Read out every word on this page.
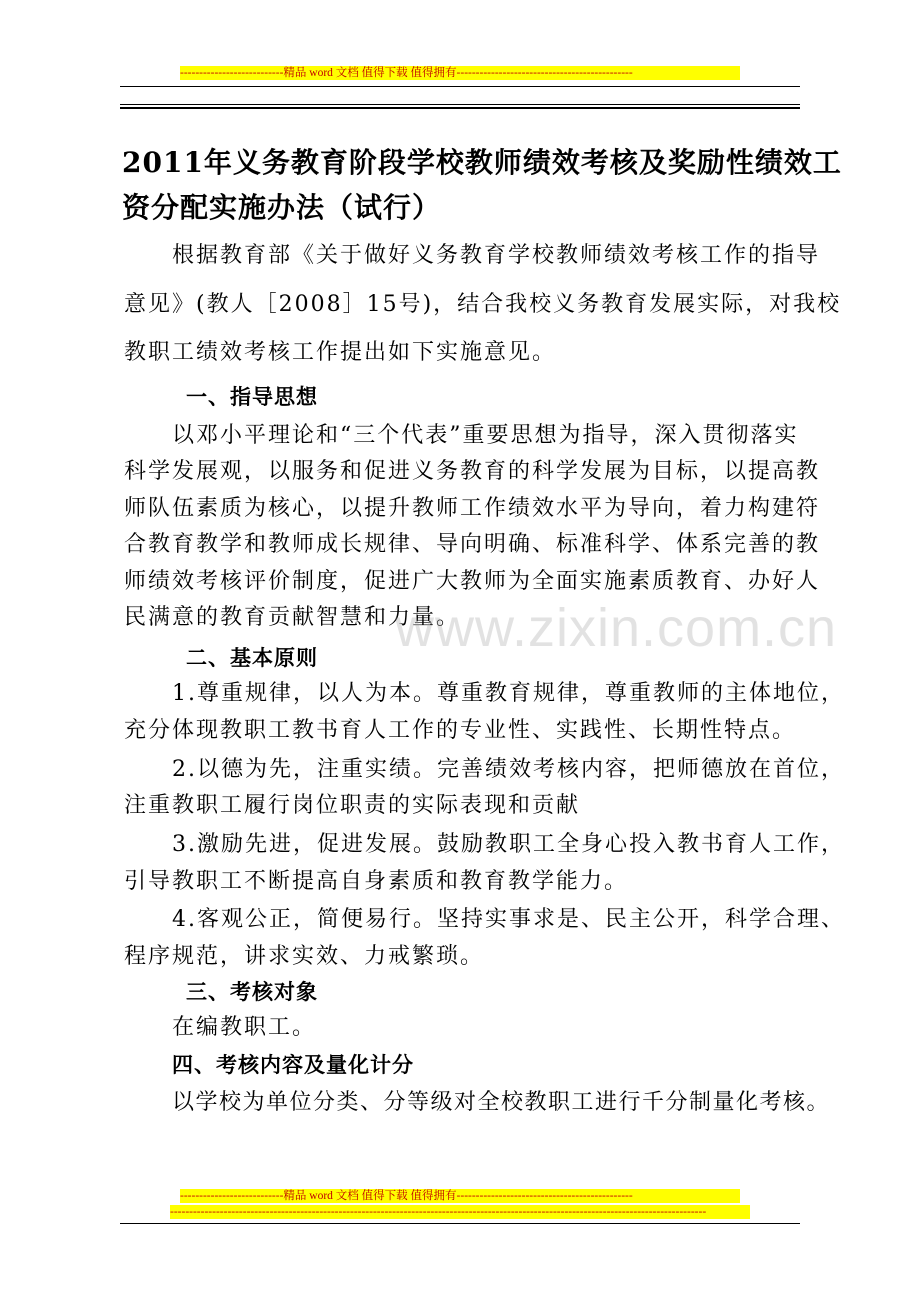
---------------------------精品 word 文档 值得下载 值得拥有----------------------------------------------
2011年义务教育阶段学校教师绩效考核及奖励性绩效工
资分配实施办法（试行）
根据教育部《关于做好义务教育学校教师绩效考核工作的指导
意见》(教人［2008］15号)，结合我校义务教育发展实际，对我校
教职工绩效考核工作提出如下实施意见。
一、指导思想
以邓小平理论和“三个代表”重要思想为指导，深入贯彻落实
科学发展观，以服务和促进义务教育的科学发展为目标，以提高教
师队伍素质为核心，以提升教师工作绩效水平为导向，着力构建符
合教育教学和教师成长规律、导向明确、标准科学、体系完善的教
师绩效考核评价制度，促进广大教师为全面实施素质教育、办好人
民满意的教育贡献智慧和力量。
www.zixin.com.cn
二、基本原则
1.尊重规律，以人为本。尊重教育规律，尊重教师的主体地位，
充分体现教职工教书育人工作的专业性、实践性、长期性特点。
2.以德为先，注重实绩。完善绩效考核内容，把师德放在首位，
注重教职工履行岗位职责的实际表现和贡献
3.激励先进，促进发展。鼓励教职工全身心投入教书育人工作，
引导教职工不断提高自身素质和教育教学能力。
4.客观公正，简便易行。坚持实事求是、民主公开，科学合理、
程序规范，讲求实效、力戒繁琐。
三、考核对象
在编教职工。
四、考核内容及量化计分
以学校为单位分类、分等级对全校教职工进行千分制量化考核。
---------------------------精品 word 文档 值得下载 值得拥有----------------------------------------------
--------------------------------------------------------------------------------------------------------------------------------------------
